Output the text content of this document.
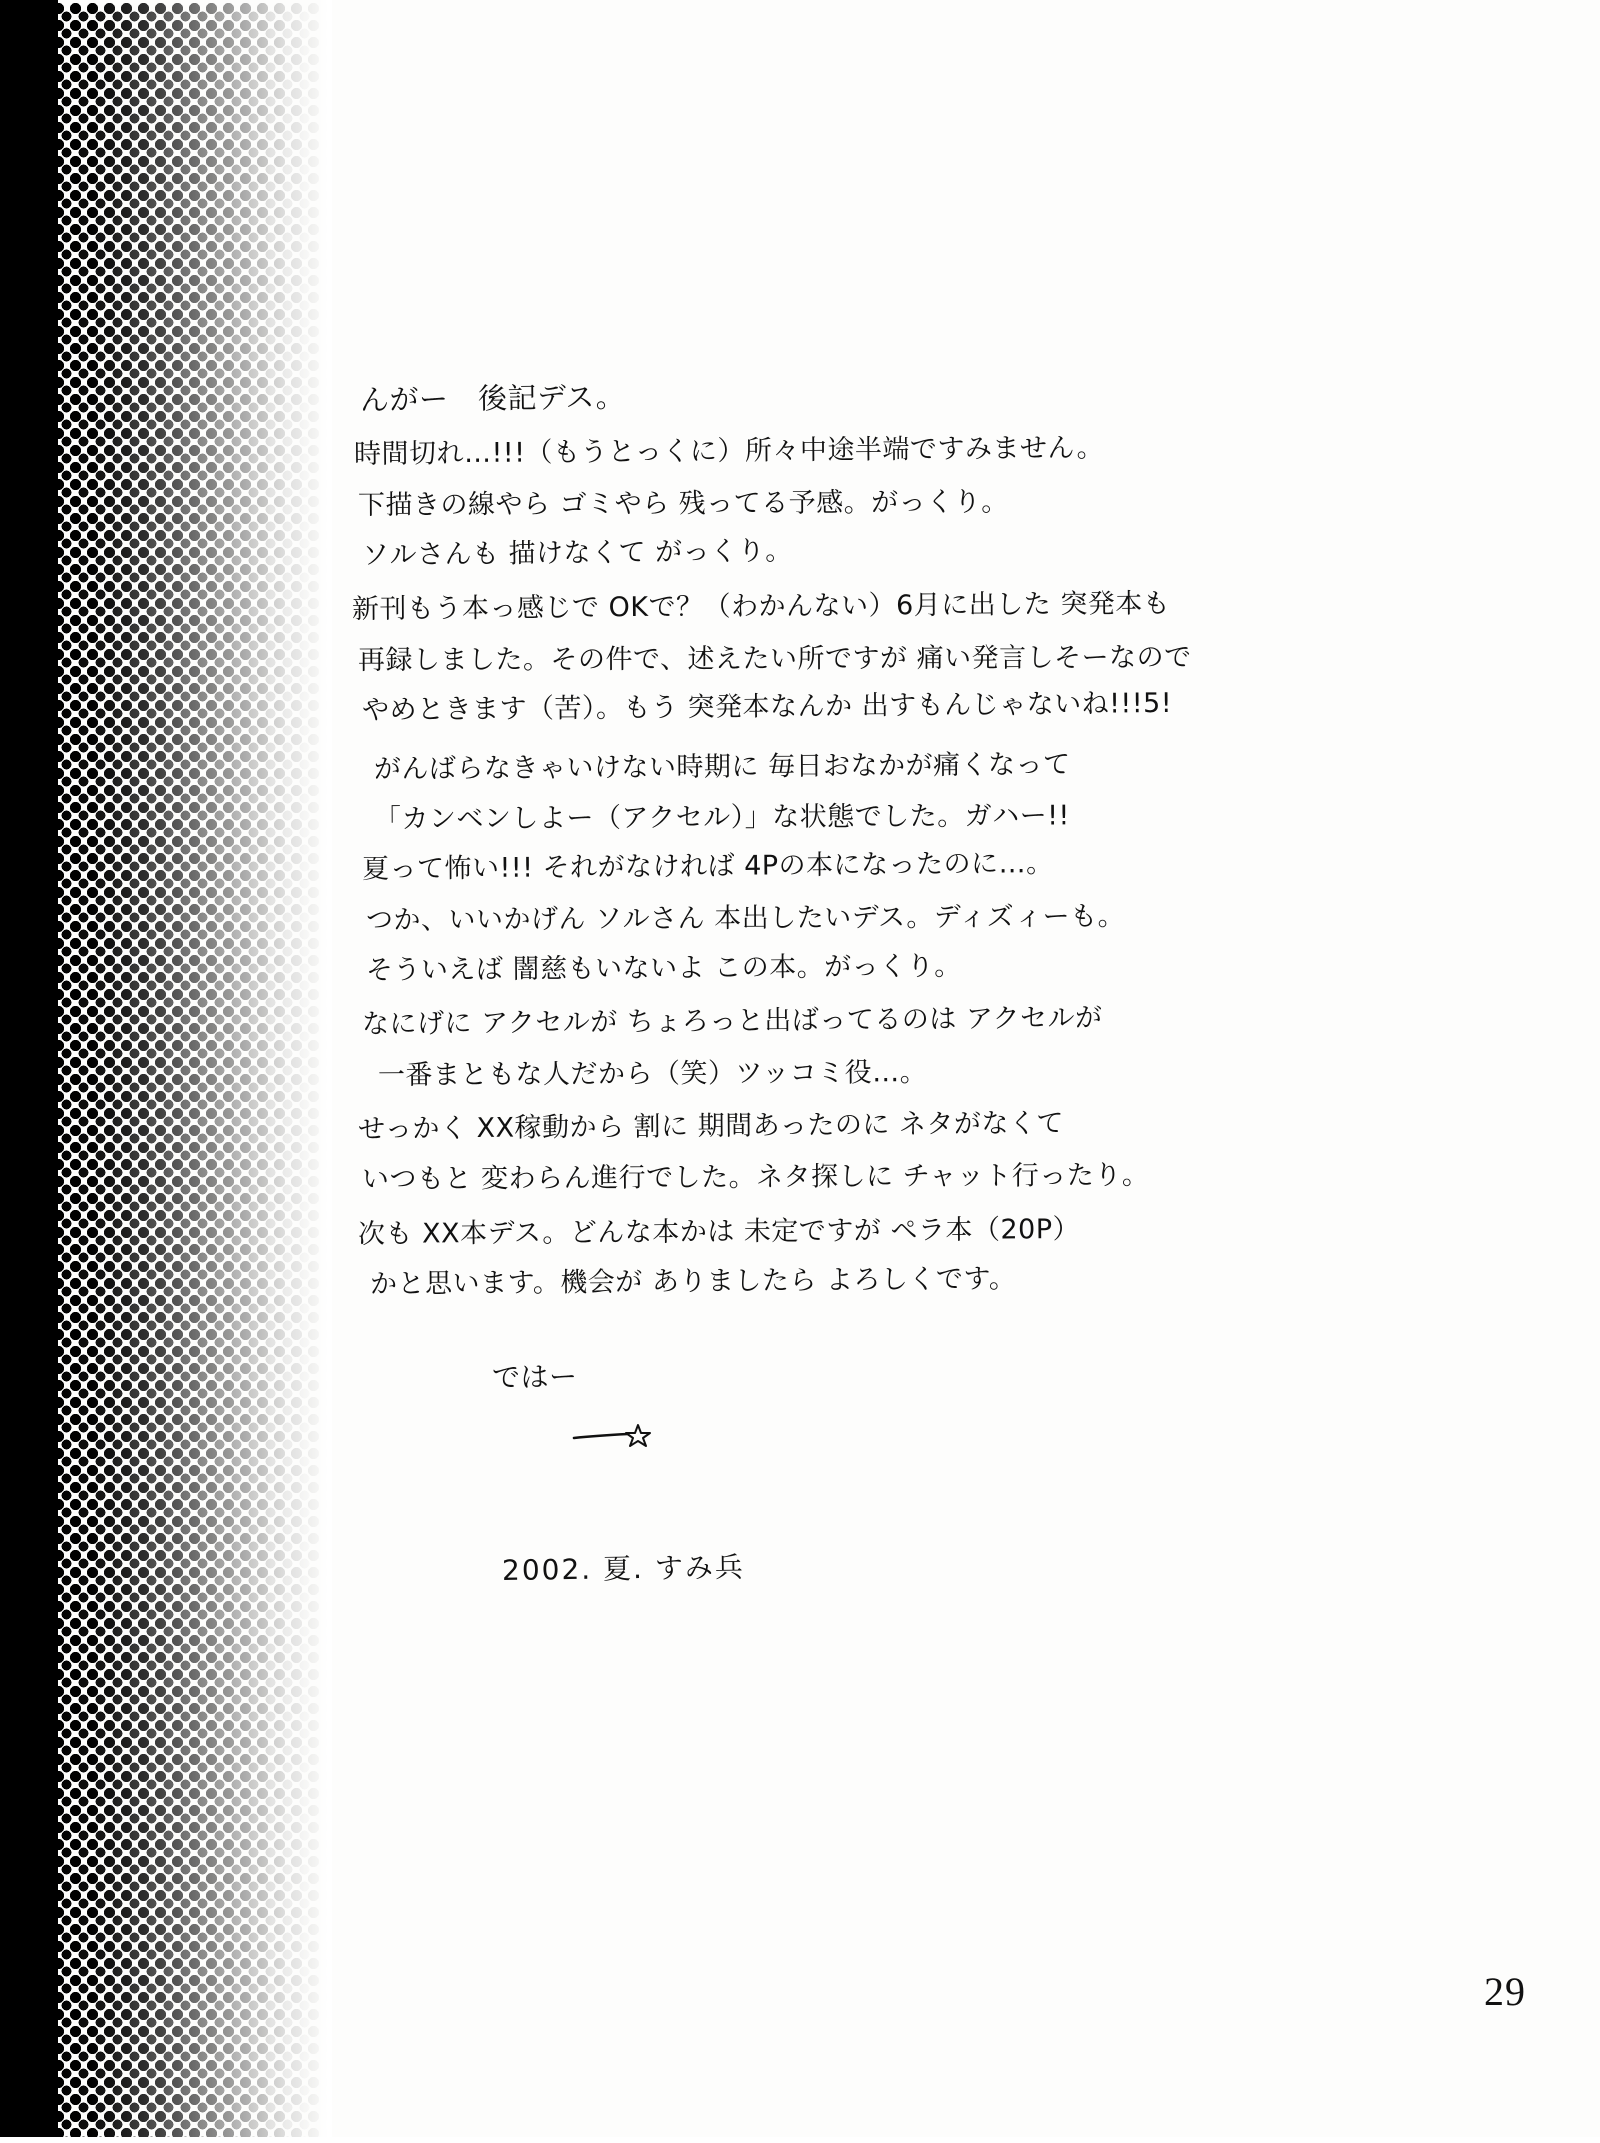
んがー　後記デス。
時間切れ…!!!（もうとっくに）所々中途半端ですみません。
下描きの線やら ゴミやら 残ってる予感。がっくり。
ソルさんも 描けなくて がっくり。
新刊もう本っ感じで OKで？（わかんない）6月に出した 突発本も
再録しました。その件で、述えたい所ですが 痛い発言しそーなので
やめときます（苦）。もう 突発本なんか 出すもんじゃないね!!!5!
がんばらなきゃいけない時期に 毎日おなかが痛くなって
「カンベンしよー（アクセル）」な状態でした。ガハー!!
夏って怖い!!! それがなければ 4Pの本になったのに…。
つか、いいかげん ソルさん 本出したいデス。ディズィーも。
そういえば 闇慈もいないよ この本。がっくり。
なにげに アクセルが ちょろっと出ばってるのは アクセルが
一番まともな人だから（笑）ツッコミ役…。
せっかく XX稼動から 割に 期間あったのに ネタがなくて
いつもと 変わらん進行でした。ネタ探しに チャット行ったり。
次も XX本デス。どんな本かは 未定ですが ペラ本（20P）
かと思います。機会が ありましたら よろしくです。

ではー

2002. 夏. すみ兵
29
